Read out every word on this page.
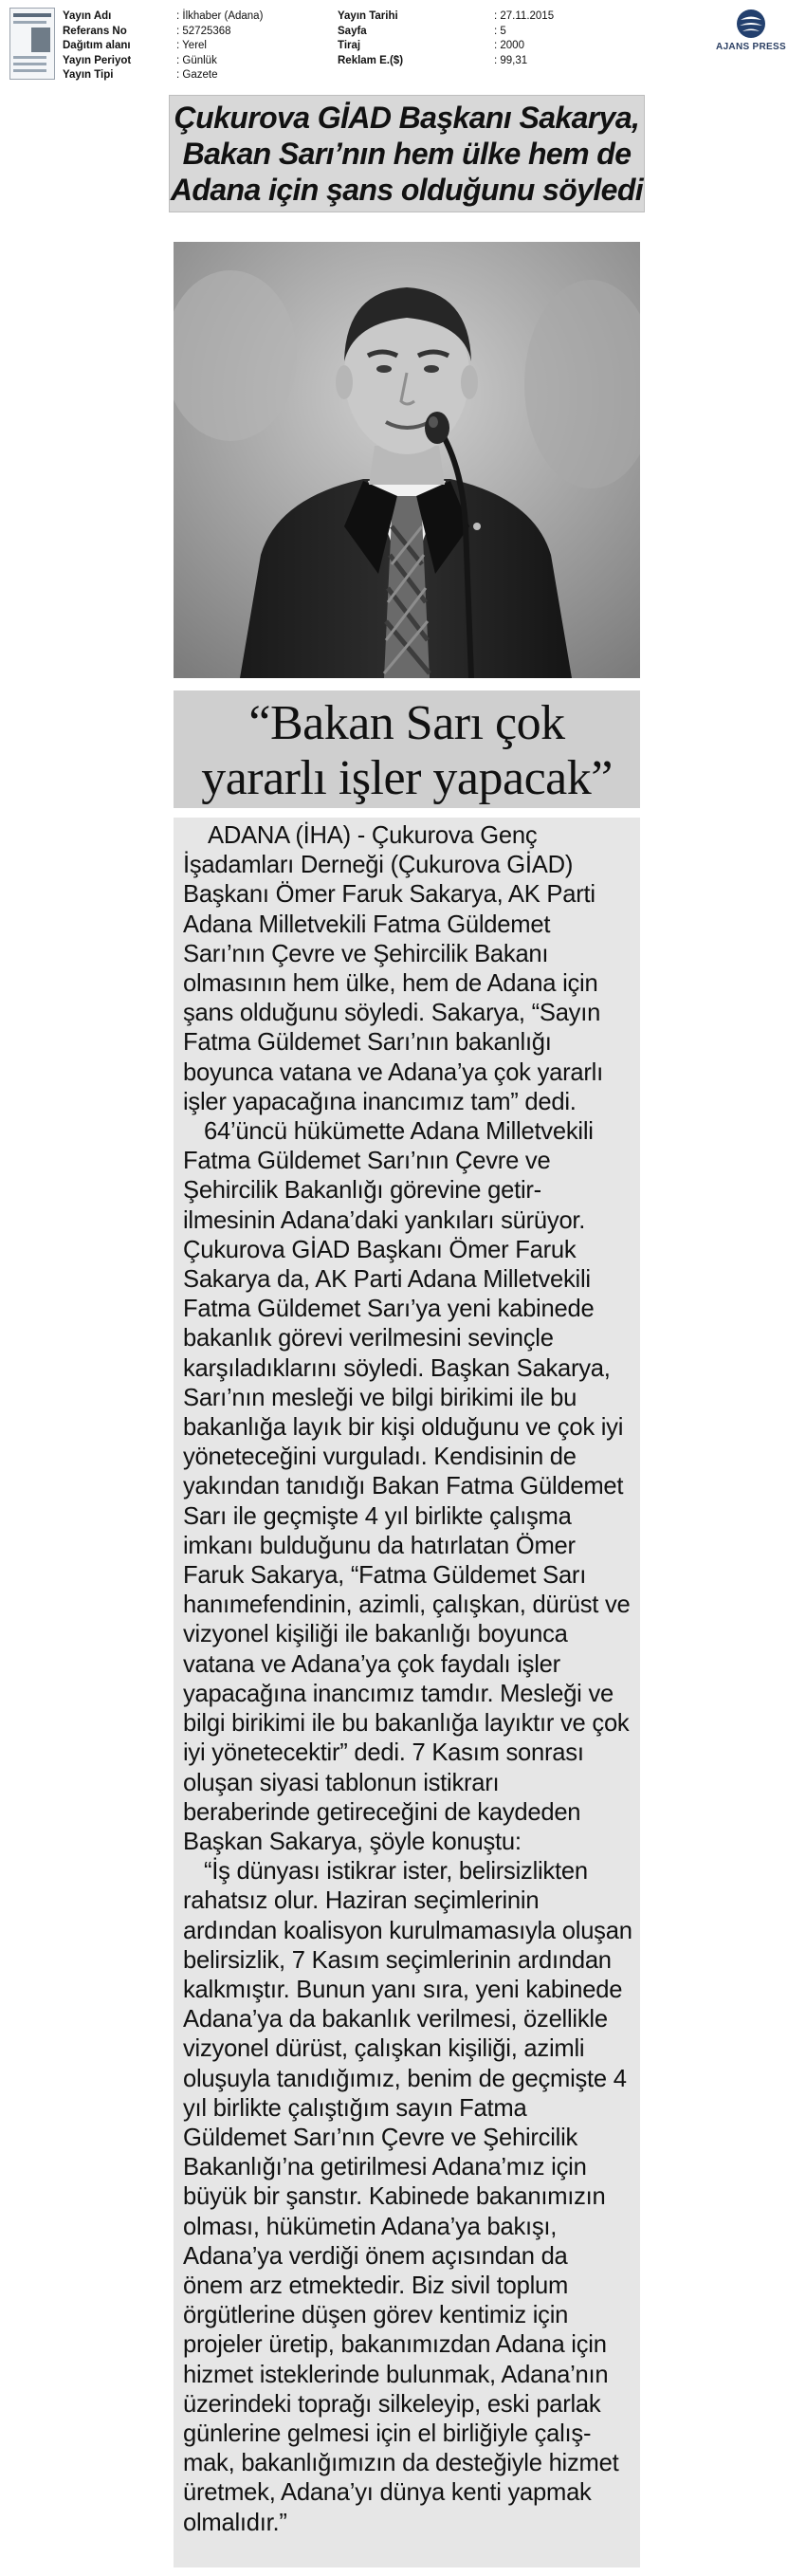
Yayın Adı	: İlkhaber (Adana)
Referans No	: 52725368
Dağıtım alanı	: Yerel
Yayın Periyot	: Günlük
Yayın Tipi	: Gazete
Yayın Tarihi	: 27.11.2015
Sayfa	: 5
Tiraj	: 2000
Reklam E.($)	: 99,31
AJANS PRESS
Çukurova GİAD Başkanı Sakarya,
Bakan Sarı’nın hem ülke hem de
Adana için şans olduğunu söyledi
“Bakan Sarı çok
yararlı işler yapacak”

ADANA (İHA) - Çukurova Genç İşadamları Derneği (Çukurova GİAD) Başkanı Ömer Faruk Sakarya, AK Parti Adana Milletvekili Fatma Güldemet Sarı’nın Çevre ve Şehircilik Bakanı olmasının hem ülke, hem de Adana için şans olduğunu söyledi. Sakarya, “Sayın Fatma Güldemet Sarı’nın bakanlığı boyunca vatana ve Adana’ya çok yararlı işler yapacağına inancımız tam” dedi.

64’üncü hükümette Adana Milletvekili Fatma Güldemet Sarı’nın Çevre ve Şehircilik Bakanlığı görevine getir-ilmesinin Adana’daki yankıları sürüyor. Çukurova GİAD Başkanı Ömer Faruk Sakarya da, AK Parti Adana Milletvekili Fatma Güldemet Sarı’ya yeni kabinede bakanlık görevi verilmesini sevinçle karşıladıklarını söyledi. Başkan Sakarya, Sarı’nın mesleği ve bilgi birikimi ile bu bakanlığa layık bir kişi olduğunu ve çok iyi yöneteceğini vurguladı. Kendisinin de yakından tanıdığı Bakan Fatma Güldemet Sarı ile geçmişte 4 yıl birlikte çalışma imkanı bulduğunu da hatırlatan Ömer Faruk Sakarya, “Fatma Güldemet Sarı hanımefendinin, azimli, çalışkan, dürüst ve vizyonel kişiliği ile bakanlığı boyunca vatana ve Adana’ya çok faydalı işler yapacağına inancımız tamdır. Mesleği ve bilgi birikimi ile bu bakanlığa layıktır ve çok iyi yönetecektir” dedi. 7 Kasım sonrası oluşan siyasi tablonun istikrarı beraberinde getireceğini de kaydeden Başkan Sakarya, şöyle konuştu:

“İş dünyası istikrar ister, belirsizlikten rahatsız olur. Haziran seçimlerinin ardından koalisyon kurulmamasıyla oluşan belirsizlik, 7 Kasım seçimlerinin ardından kalkmıştır. Bunun yanı sıra, yeni kabinede Adana’ya da bakanlık verilmesi, özellikle vizyonel dürüst, çalışkan kişiliği, azimli oluşuyla tanıdığımız, benim de geçmişte 4 yıl birlikte çalıştığım sayın Fatma Güldemet Sarı’nın Çevre ve Şehircilik Bakanlığı’na getirilmesi Adana’mız için büyük bir şanstır. Kabinede bakanımızın olması, hükümetin Adana’ya bakışı, Adana’ya verdiği önem açısından da önem arz etmektedir. Biz sivil toplum örgütlerine düşen görev kentimiz için projeler üretip, bakanımızdan Adana için hizmet isteklerinde bulunmak, Adana’nın üzerindeki toprağı silkeleyip, eski parlak günlerine gelmesi için el birliğiyle çalış-mak, bakanlığımızın da desteğiyle hizmet üretmek, Adana’yı dünya kenti yapmak olmalıdır.”
